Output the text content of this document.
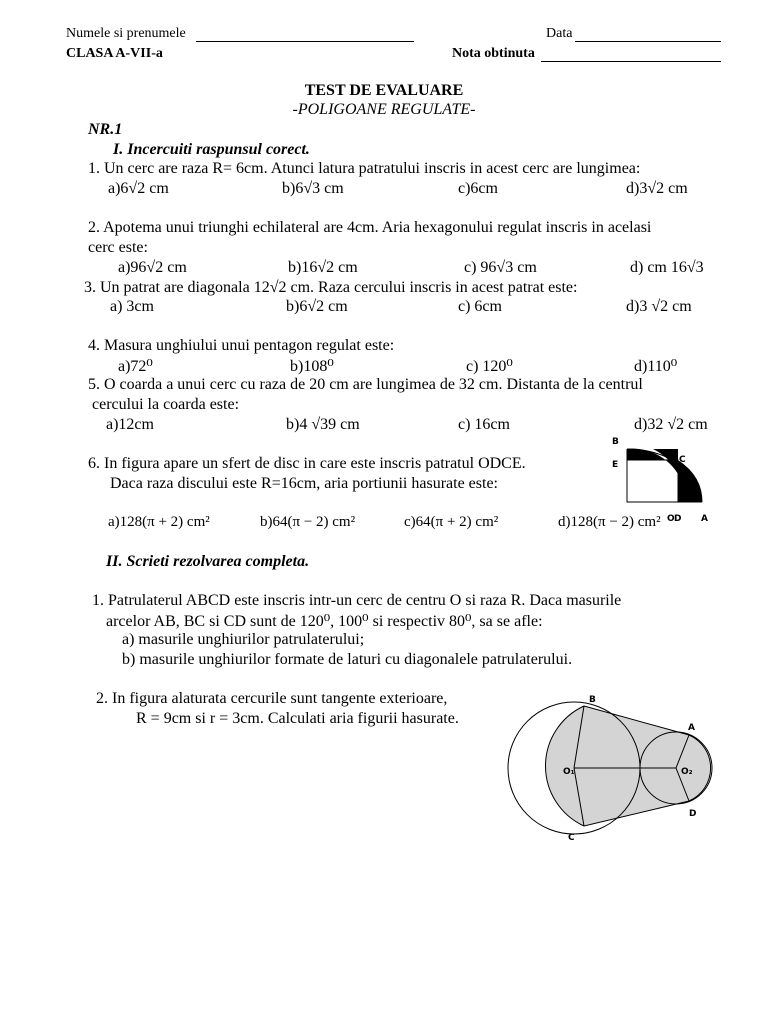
Numele si prenumele	Data
CLASA A-VII-a	Nota obtinuta
TEST DE EVALUARE
-POLIGOANE REGULATE-
NR.1
I. Incercuiti raspunsul corect.
1. Un cerc are raza R= 6cm. Atunci latura patratului inscris in acest cerc are lungimea:
a)6√2 cm	b)6√3 cm	c)6cm	d)3√2 cm
2. Apotema unui triunghi echilateral are 4cm. Aria hexagonului regulat inscris in acelasi
cerc este:
a)96√2 cm	b)16√2 cm	c) 96√3 cm	d) cm 16√3
3. Un patrat are diagonala 12√2 cm. Raza cercului inscris in acest patrat este:
a) 3cm	b)6√2 cm	c) 6cm	d)3 √2 cm
4. Masura unghiului unui pentagon regulat este:
a)72⁰	b)108⁰	c) 120⁰	d)110⁰
5. O coarda a unui cerc cu raza de 20 cm are lungimea de 32 cm. Distanta de la centrul
cercului la coarda este:
a)12cm	b)4 √39 cm	c) 16cm	d)32 √2 cm
6. In figura apare un sfert de disc in care este inscris patratul ODCE.
Daca raza discului este R=16cm, aria portiunii hasurate este:
a)128(π + 2) cm²	b)64(π − 2) cm²	c)64(π + 2) cm²	d)128(π − 2) cm²
B
E	C
O D A
II. Scrieti rezolvarea completa.
1. Patrulaterul ABCD este inscris intr-un cerc de centru O si raza R. Daca masurile
arcelor AB, BC si CD sunt de 120⁰, 100⁰ si respectiv 80⁰, sa se afle:
a) masurile unghiurilor patrulaterului;
b) masurile unghiurilor formate de laturi cu diagonalele patrulaterului.
2. In figura alaturata cercurile sunt tangente exterioare,
R = 9cm si r = 3cm. Calculati aria figurii hasurate.
B
A
O₁	O₂
C
D
